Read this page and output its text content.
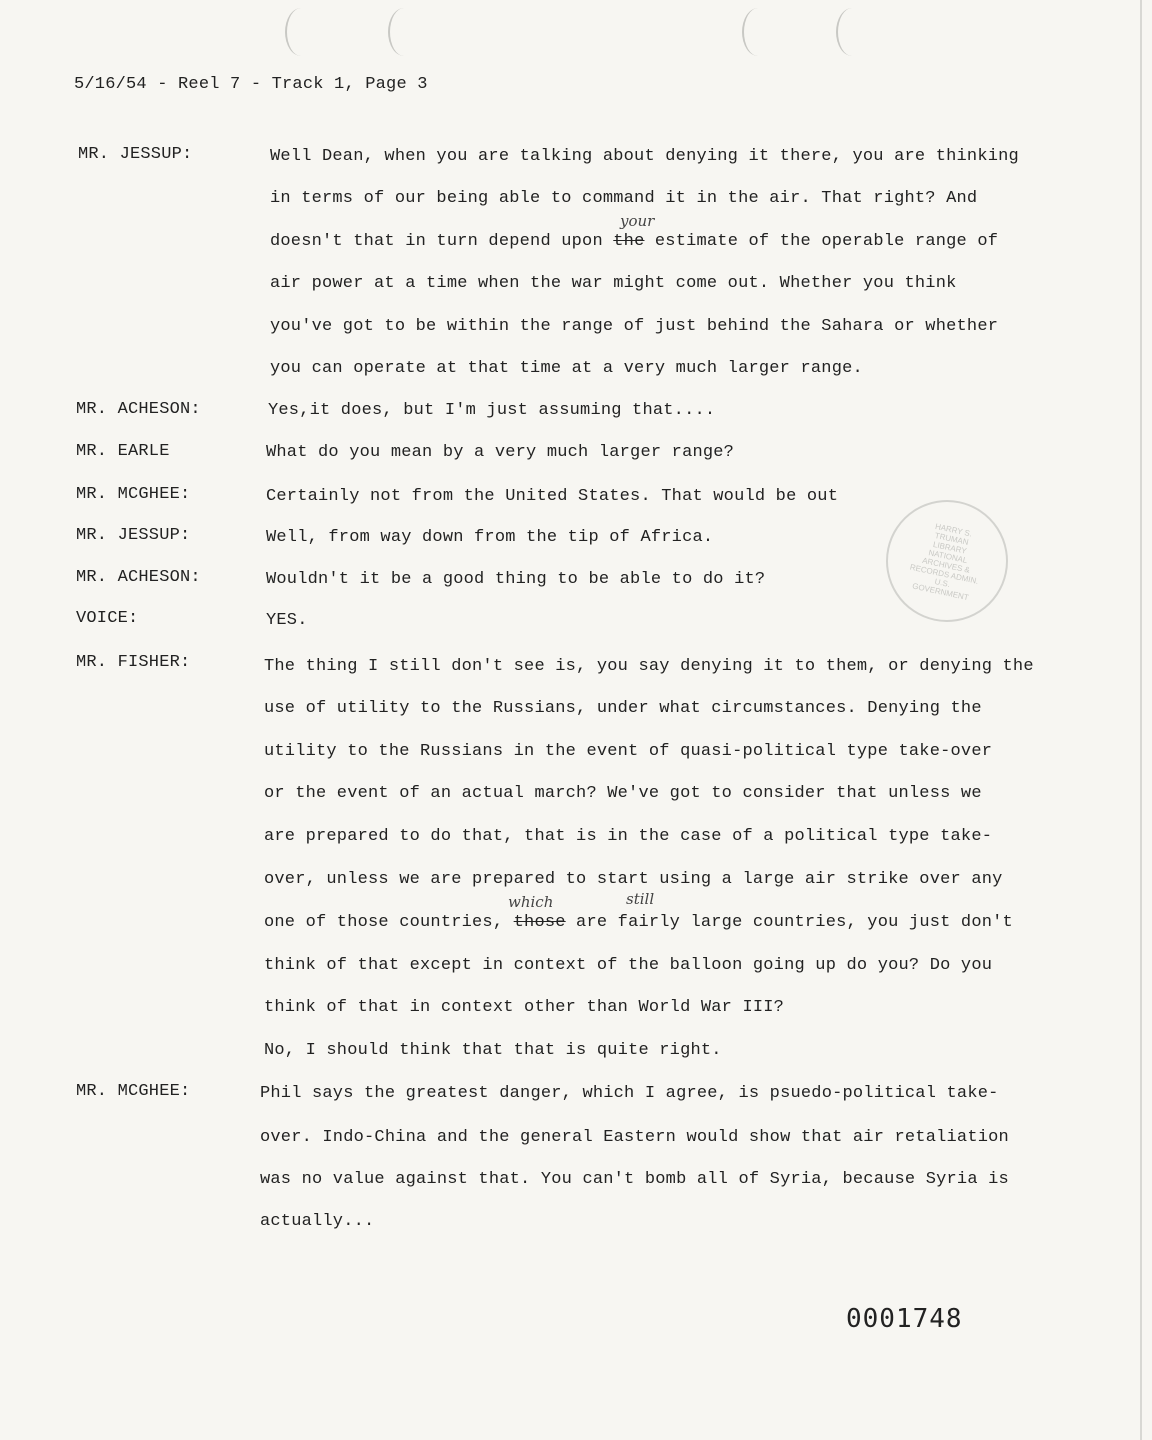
5/16/54 - Reel 7 - Track 1, Page 3
MR. JESSUP:
MR. ACHESON:
MR. EARLE
MR. MCGHEE:
MR. JESSUP:
MR. ACHESON:
VOICE:
MR. FISHER:
MR. MCGHEE:
Well Dean, when you are talking about denying it there, you are thinking
in terms of our being able to command it in the air. That right? And
your
doesn't that in turn depend upon the estimate of the operable range of
air power at a time when the war might come out. Whether you think
you've got to be within the range of just behind the Sahara or whether
you can operate at that time at a very much larger range.
Yes,it does, but I'm just assuming that....
What do you mean by a very much larger range?
Certainly not from the United States. That would be out
Well, from way down from the tip of Africa.
Wouldn't it be a good thing to be able to do it?
YES.
The thing I still don't see is, you say denying it to them, or denying the
use of utility to the Russians, under what circumstances. Denying the
utility to the Russians in the event of quasi-political type take-over
or the event of an actual march? We've got to consider that unless we
are prepared to do that, that is in the case of a political type take-
over, unless we are prepared to start using a large air strike over any
which	still
one of those countries, those are fairly large countries, you just don't
think of that except in context of the balloon going up do you? Do you
think of that in context other than World War III?
No, I should think that that is quite right.
Phil says the greatest danger, which I agree, is psuedo-political take-
over. Indo-China and the general Eastern would show that air retaliation
was no value against that. You can't bomb all of Syria, because Syria is
actually...
HARRY S. TRUMAN LIBRARY NATIONAL ARCHIVES & RECORDS ADMIN. U.S. GOVERNMENT
0001748
